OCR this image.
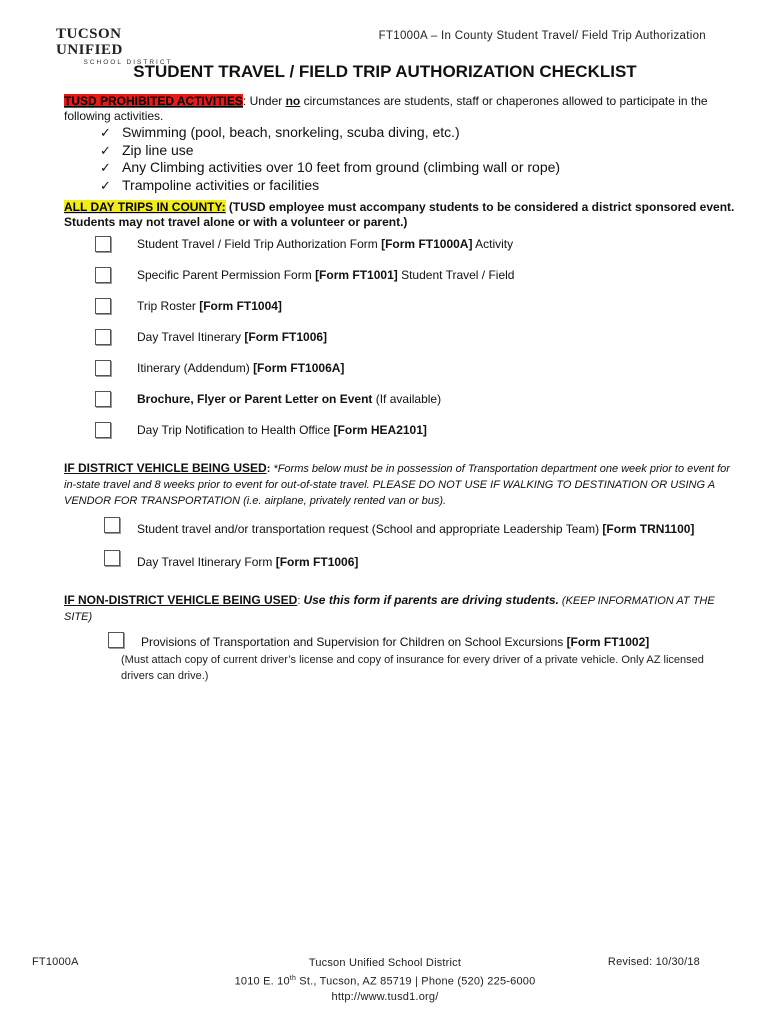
TUCSON UNIFIED
SCHOOL DISTRICT
FT1000A – In County Student Travel/ Field Trip Authorization
STUDENT TRAVEL / FIELD TRIP AUTHORIZATION CHECKLIST
TUSD PROHIBITED ACTIVITIES: Under no circumstances are students, staff or chaperones allowed to participate in the following activities.
✓ Swimming (pool, beach, snorkeling, scuba diving, etc.)
✓ Zip line use
✓ Any Climbing activities over 10 feet from ground (climbing wall or rope)
✓ Trampoline activities or facilities
ALL DAY TRIPS IN COUNTY: (TUSD employee must accompany students to be considered a district sponsored event. Students may not travel alone or with a volunteer or parent.)
Student Travel / Field Trip Authorization Form [Form FT1000A] Activity
Specific Parent Permission Form [Form FT1001] Student Travel / Field
Trip Roster [Form FT1004]
Day Travel Itinerary [Form FT1006]
Itinerary (Addendum) [Form FT1006A]
Brochure, Flyer or Parent Letter on Event (If available)
Day Trip Notification to Health Office [Form HEA2101]
IF DISTRICT VEHICLE BEING USED: *Forms below must be in possession of Transportation department one week prior to event for in-state travel and 8 weeks prior to event for out-of-state travel. PLEASE DO NOT USE IF WALKING TO DESTINATION OR USING A VENDOR FOR TRANSPORTATION (i.e. airplane, privately rented van or bus).
Student travel and/or transportation request (School and appropriate Leadership Team) [Form TRN1100]
Day Travel Itinerary Form [Form FT1006]
IF NON-DISTRICT VEHICLE BEING USED: Use this form if parents are driving students. (KEEP INFORMATION AT THE SITE)
Provisions of Transportation and Supervision for Children on School Excursions [Form FT1002]
(Must attach copy of current driver’s license and copy of insurance for every driver of a private vehicle. Only AZ licensed drivers can drive.)
FT1000A	Tucson Unified School District
1010 E. 10th St., Tucson, AZ 85719 | Phone (520) 225-6000
http://www.tusd1.org/
Revised: 10/30/18
